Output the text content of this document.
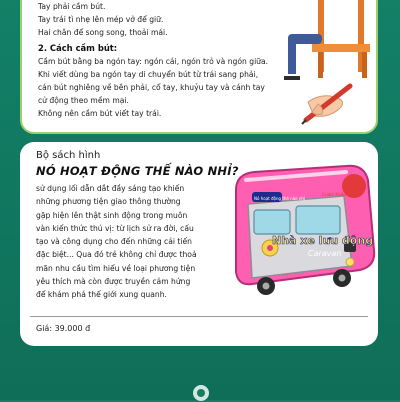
Tay phải cầm bút.
Tay trái tì nhẹ lên mép vở để giữ.
Hai chân để song song, thoải mái.
2. Cách cầm bút:
Cầm bút bằng ba ngón tay: ngón cái, ngón trỏ và ngón giữa.
Khi viết dùng ba ngón tay di chuyển bút từ trái sang phải,
cán bút nghiêng về bên phải, cổ tay, khuỷu tay và cánh tay
cử động theo mềm mại.
Không nên cầm bút viết tay trái.
Bộ sách hình
NÓ HOẠT ĐỘNG THẾ NÀO NHỈ?
sử dụng lối dẫn dắt đầy sáng tạo khiến
những phương tiện giao thông thường
gặp hiện lên thật sinh động trong muôn
vàn kiến thức thú vị: từ lịch sử ra đời, cấu
tạo và công dụng cho đến những cải tiến
đặc biệt... Qua đó trẻ không chỉ được thoả
mãn nhu cầu tìm hiểu về loại phương tiện
yêu thích mà còn được truyền cảm hứng
để khám phá thế giới xung quanh.
Nhà xe lưu động
Caravan
Nó hoạt động thế nào nhỉ
Crabit Kidbooks
Giá: 39.000 đ
